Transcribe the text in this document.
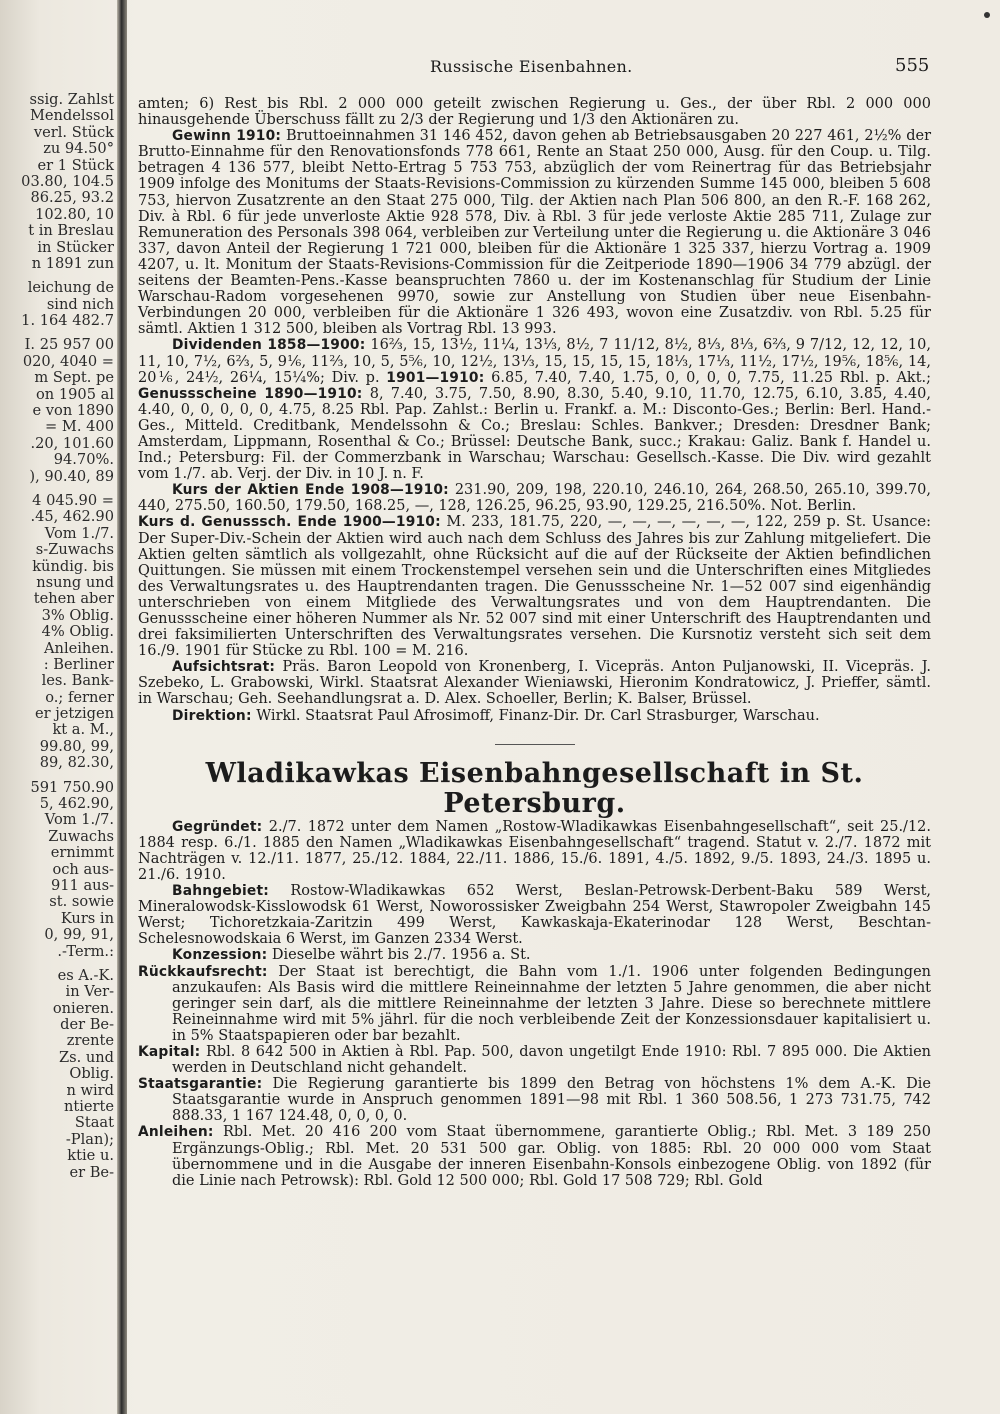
ssig. Zahlst
Mendelssol
verl. Stück
zu 94.50°
er 1 Stück
03.80, 104.5
86.25, 93.2
102.80, 10
t in Breslau
in Stücker
n 1891 zun
leichung de
sind nich
1. 164 482.7
I. 25 957 00
020, 4040 =
m Sept. pe
on 1905 al
e von 1890
= M. 400
.20, 101.60
94.70%.
), 90.40, 89
4 045.90 =
.45, 462.90
Vom 1./7.
s-Zuwachs
kündig. bis
nsung und
tehen aber
3% Oblig.
4% Oblig.
Anleihen.
: Berliner
les. Bank-
o.; ferner
er jetzigen
kt a. M.,
99.80, 99,
89, 82.30,
591 750.90
5, 462.90,
Vom 1./7.
Zuwachs
ernimmt
och aus-
911 aus-
st. sowie
Kurs in
0, 99, 91,
.-Term.:
es A.-K.
in Ver-
onieren.
der Be-
zrente
Zs. und
Oblig.
n wird
ntierte
Staat
-Plan);
ktie u.
er Be-
Russische Eisenbahnen.	555

amten; 6) Rest bis Rbl. 2 000 000 geteilt zwischen Regierung u. Ges., der über Rbl. 2 000 000 hinausgehende Überschuss fällt zu 2/3 der Regierung und 1/3 den Aktionären zu.

Gewinn 1910: Bruttoeinnahmen 31 146 452, davon gehen ab Betriebsausgaben 20 227 461, 2½% der Brutto-Einnahme für den Renovationsfonds 778 661, Rente an Staat 250 000, Ausg. für den Coup. u. Tilg. betragen 4 136 577, bleibt Netto-Ertrag 5 753 753, abzüglich der vom Reinertrag für das Betriebsjahr 1909 infolge des Monitums der Staats-Revisions-Commission zu kürzenden Summe 145 000, bleiben 5 608 753, hiervon Zusatzrente an den Staat 275 000, Tilg. der Aktien nach Plan 506 800, an den R.-F. 168 262, Div. à Rbl. 6 für jede unverloste Aktie 928 578, Div. à Rbl. 3 für jede verloste Aktie 285 711, Zulage zur Remuneration des Personals 398 064, verbleiben zur Verteilung unter die Regierung u. die Aktionäre 3 046 337, davon Anteil der Regierung 1 721 000, bleiben für die Aktionäre 1 325 337, hierzu Vortrag a. 1909 4207, u. lt. Monitum der Staats-Revisions-Commission für die Zeitperiode 1890—1906 34 779 abzügl. der seitens der Beamten-Pens.-Kasse beanspruchten 7860 u. der im Kostenanschlag für Studium der Linie Warschau-Radom vorgesehenen 9970, sowie zur Anstellung von Studien über neue Eisenbahn-Verbindungen 20 000, verbleiben für die Aktionäre 1 326 493, wovon eine Zusatzdiv. von Rbl. 5.25 für sämtl. Aktien 1 312 500, bleiben als Vortrag Rbl. 13 993.

Dividenden 1858—1900: 16⅔, 15, 13½, 11¼, 13⅓, 8½, 7 11/12, 8½, 8⅓, 8⅓, 6⅔, 9 7/12, 12, 12, 10, 11, 10, 7½, 6⅔, 5, 9⅙, 11⅔, 10, 5, 5⅚, 10, 12½, 13⅓, 15, 15, 15, 15, 18⅓, 17⅓, 11½, 17½, 19⅚, 18⅚, 14, 20⅙, 24½, 26¼, 15¼%; Div. p. 1901—1910: 6.85, 7.40, 7.40, 1.75, 0, 0, 0, 0, 7.75, 11.25 Rbl. p. Akt.; Genussscheine 1890—1910: 8, 7.40, 3.75, 7.50, 8.90, 8.30, 5.40, 9.10, 11.70, 12.75, 6.10, 3.85, 4.40, 4.40, 0, 0, 0, 0, 0, 4.75, 8.25 Rbl. Pap. Zahlst.: Berlin u. Frankf. a. M.: Disconto-Ges.; Berlin: Berl. Hand.-Ges., Mitteld. Creditbank, Mendelssohn & Co.; Breslau: Schles. Bankver.; Dresden: Dresdner Bank; Amsterdam, Lippmann, Rosenthal & Co.; Brüssel: Deutsche Bank, succ.; Krakau: Galiz. Bank f. Handel u. Ind.; Petersburg: Fil. der Commerzbank in Warschau; Warschau: Gesellsch.-Kasse. Die Div. wird gezahlt vom 1./7. ab. Verj. der Div. in 10 J. n. F.

Kurs der Aktien Ende 1908—1910: 231.90, 209, 198, 220.10, 246.10, 264, 268.50, 265.10, 399.70, 440, 275.50, 160.50, 179.50, 168.25, —, 128, 126.25, 96.25, 93.90, 129.25, 216.50%. Not. Berlin.

Kurs d. Genusssch. Ende 1900—1910: M. 233, 181.75, 220, —, —, —, —, —, —, 122, 259 p. St. Usance: Der Super-Div.-Schein der Aktien wird auch nach dem Schluss des Jahres bis zur Zahlung mitgeliefert. Die Aktien gelten sämtlich als vollgezahlt, ohne Rücksicht auf die auf der Rückseite der Aktien befindlichen Quittungen. Sie müssen mit einem Trockenstempel versehen sein und die Unterschriften eines Mitgliedes des Verwaltungsrates u. des Hauptrendanten tragen. Die Genussscheine Nr. 1—52 007 sind eigenhändig unterschrieben von einem Mitgliede des Verwaltungsrates und von dem Hauptrendanten. Die Genussscheine einer höheren Nummer als Nr. 52 007 sind mit einer Unterschrift des Hauptrendanten und drei faksimilierten Unterschriften des Verwaltungsrates versehen. Die Kursnotiz versteht sich seit dem 16./9. 1901 für Stücke zu Rbl. 100 = M. 216.

Aufsichtsrat: Präs. Baron Leopold von Kronenberg, I. Vicepräs. Anton Puljanowski, II. Vicepräs. J. Szebeko, L. Grabowski, Wirkl. Staatsrat Alexander Wieniawski, Hieronim Kondratowicz, J. Prieffer, sämtl. in Warschau; Geh. Seehandlungsrat a. D. Alex. Schoeller, Berlin; K. Balser, Brüssel.

Direktion: Wirkl. Staatsrat Paul Afrosimoff, Finanz-Dir. Dr. Carl Strasburger, Warschau.

Wladikawkas Eisenbahngesellschaft in St. Petersburg.

Gegründet: 2./7. 1872 unter dem Namen „Rostow-Wladikawkas Eisenbahngesellschaft“, seit 25./12. 1884 resp. 6./1. 1885 den Namen „Wladikawkas Eisenbahngesellschaft“ tragend. Statut v. 2./7. 1872 mit Nachträgen v. 12./11. 1877, 25./12. 1884, 22./11. 1886, 15./6. 1891, 4./5. 1892, 9./5. 1893, 24./3. 1895 u. 21./6. 1910.

Bahngebiet: Rostow-Wladikawkas 652 Werst, Beslan-Petrowsk-Derbent-Baku 589 Werst, Mineralowodsk-Kisslowodsk 61 Werst, Noworossisker Zweigbahn 254 Werst, Stawropoler Zweigbahn 145 Werst; Tichoretzkaia-Zaritzin 499 Werst, Kawkaskaja-Ekaterinodar 128 Werst, Beschtan-Schelesnowodskaia 6 Werst, im Ganzen 2334 Werst.

Konzession: Dieselbe währt bis 2./7. 1956 a. St.

Rückkaufsrecht: Der Staat ist berechtigt, die Bahn vom 1./1. 1906 unter folgenden Bedingungen anzukaufen: Als Basis wird die mittlere Reineinnahme der letzten 5 Jahre genommen, die aber nicht geringer sein darf, als die mittlere Reineinnahme der letzten 3 Jahre. Diese so berechnete mittlere Reineinnahme wird mit 5% jährl. für die noch verbleibende Zeit der Konzessionsdauer kapitalisiert u. in 5% Staatspapieren oder bar bezahlt.

Kapital: Rbl. 8 642 500 in Aktien à Rbl. Pap. 500, davon ungetilgt Ende 1910: Rbl. 7 895 000. Die Aktien werden in Deutschland nicht gehandelt.

Staatsgarantie: Die Regierung garantierte bis 1899 den Betrag von höchstens 1% dem A.-K. Die Staatsgarantie wurde in Anspruch genommen 1891—98 mit Rbl. 1 360 508.56, 1 273 731.75, 742 888.33, 1 167 124.48, 0, 0, 0, 0.

Anleihen: Rbl. Met. 20 416 200 vom Staat übernommene, garantierte Oblig.; Rbl. Met. 3 189 250 Ergänzungs-Oblig.; Rbl. Met. 20 531 500 gar. Oblig. von 1885: Rbl. 20 000 000 vom Staat übernommene und in die Ausgabe der inneren Eisenbahn-Konsols einbezogene Oblig. von 1892 (für die Linie nach Petrowsk): Rbl. Gold 12 500 000; Rbl. Gold 17 508 729; Rbl. Gold
